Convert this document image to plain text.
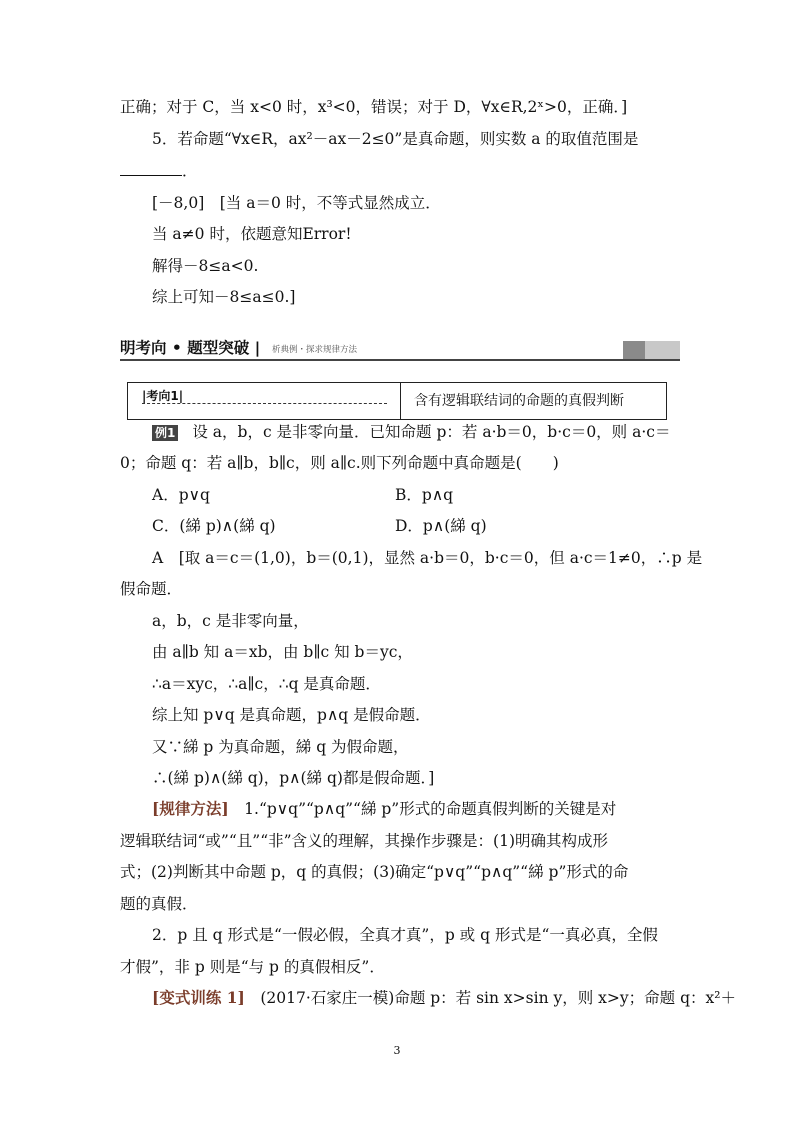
正确；对于 C，当 x<0 时，x³<0，错误；对于 D，∀x∈R,2ˣ>0，正确．]
5．若命题“∀x∈R，ax²－ax－2≤0”是真命题，则实数 a 的取值范围是
．
[－8,0]　[当 a＝0 时，不等式显然成立．
当 a≠0 时，依题意知Error!
解得－8≤a<0.
综上可知－8≤a≤0.]
明考向 • 题型突破 | 析典例・探求规律方法
|考向1|	含有逻辑联结词的命题的真假判断
例1 设 a，b，c 是非零向量．已知命题 p：若 a·b＝0，b·c＝0，则 a·c＝
0；命题 q：若 a∥b，b∥c，则 a∥c.则下列命题中真命题是(　　)
A．p∨q	B．p∧q
C．(綈 p)∧(綈 q)	D．p∧(綈 q)
A　[取 a＝c＝(1,0)，b＝(0,1)，显然 a·b＝0，b·c＝0，但 a·c＝1≠0，∴p 是
假命题．
a，b，c 是非零向量，
由 a∥b 知 a＝xb，由 b∥c 知 b＝yc，
∴a＝xyc，∴a∥c，∴q 是真命题．
综上知 p∨q 是真命题，p∧q 是假命题．
又∵綈 p 为真命题，綈 q 为假命题，
∴(綈 p)∧(綈 q)，p∧(綈 q)都是假命题．]
[规律方法]　1.“p∨q”“p∧q”“綈 p”形式的命题真假判断的关键是对
逻辑联结词“或”“且”“非”含义的理解，其操作步骤是：(1)明确其构成形
式；(2)判断其中命题 p，q 的真假；(3)确定“p∨q”“p∧q”“綈 p”形式的命
题的真假．
2．p 且 q 形式是“一假必假，全真才真”，p 或 q 形式是“一真必真，全假
才假”，非 p 则是“与 p 的真假相反”．
[变式训练 1]　(2017·石家庄一模)命题 p：若 sin x>sin y，则 x>y；命题 q：x²＋
3
